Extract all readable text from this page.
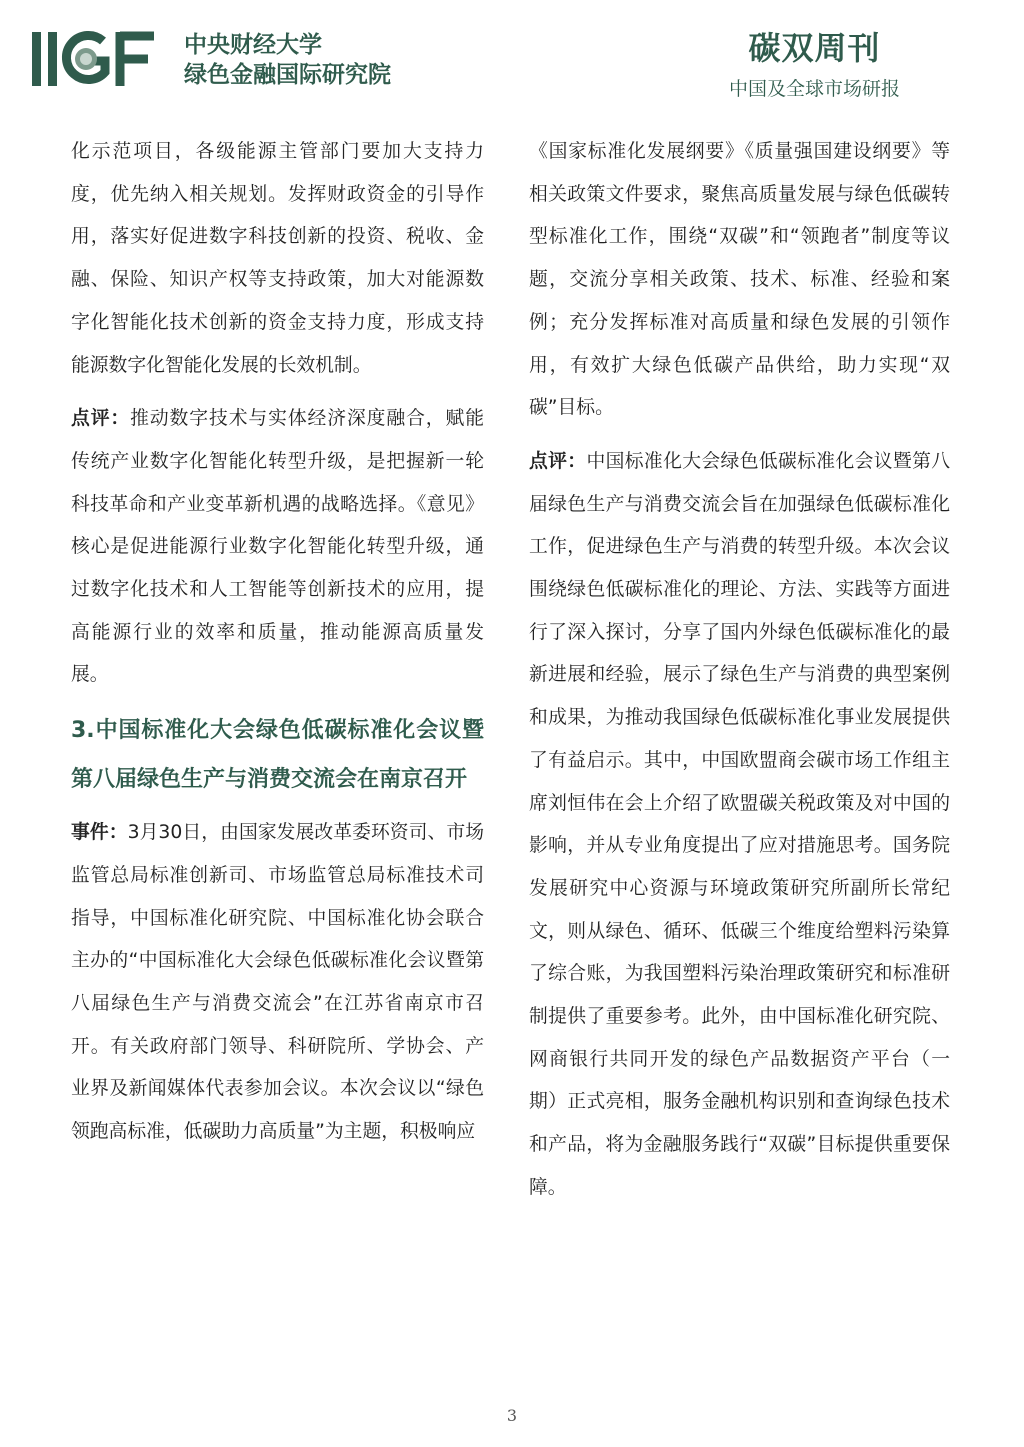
中央财经大学
绿色金融国际研究院
碳双周刊
中国及全球市场研报

化示范项目，各级能源主管部门要加大支持力度，优先纳入相关规划。发挥财政资金的引导作用，落实好促进数字科技创新的投资、税收、金融、保险、知识产权等支持政策，加大对能源数字化智能化技术创新的资金支持力度，形成支持能源数字化智能化发展的长效机制。

点评：推动数字技术与实体经济深度融合，赋能传统产业数字化智能化转型升级，是把握新一轮科技革命和产业变革新机遇的战略选择。《意见》核心是促进能源行业数字化智能化转型升级，通过数字化技术和人工智能等创新技术的应用，提高能源行业的效率和质量，推动能源高质量发展。

3.中国标准化大会绿色低碳标准化会议暨第八届绿色生产与消费交流会在南京召开

事件：3月30日，由国家发展改革委环资司、市场监管总局标准创新司、市场监管总局标准技术司指导，中国标准化研究院、中国标准化协会联合主办的“中国标准化大会绿色低碳标准化会议暨第八届绿色生产与消费交流会”在江苏省南京市召开。有关政府部门领导、科研院所、学协会、产业界及新闻媒体代表参加会议。本次会议以“绿色领跑高标准，低碳助力高质量”为主题，积极响应

《国家标准化发展纲要》《质量强国建设纲要》等相关政策文件要求，聚焦高质量发展与绿色低碳转型标准化工作，围绕“双碳”和“领跑者”制度等议题，交流分享相关政策、技术、标准、经验和案例；充分发挥标准对高质量和绿色发展的引领作用，有效扩大绿色低碳产品供给，助力实现“双碳”目标。

点评：中国标准化大会绿色低碳标准化会议暨第八届绿色生产与消费交流会旨在加强绿色低碳标准化工作，促进绿色生产与消费的转型升级。本次会议围绕绿色低碳标准化的理论、方法、实践等方面进行了深入探讨，分享了国内外绿色低碳标准化的最新进展和经验，展示了绿色生产与消费的典型案例和成果，为推动我国绿色低碳标准化事业发展提供了有益启示。其中，中国欧盟商会碳市场工作组主席刘恒伟在会上介绍了欧盟碳关税政策及对中国的影响，并从专业角度提出了应对措施思考。国务院发展研究中心资源与环境政策研究所副所长常纪文，则从绿色、循环、低碳三个维度给塑料污染算了综合账，为我国塑料污染治理政策研究和标准研制提供了重要参考。此外，由中国标准化研究院、网商银行共同开发的绿色产品数据资产平台（一期）正式亮相，服务金融机构识别和查询绿色技术和产品，将为金融服务践行“双碳”目标提供重要保障。

3
